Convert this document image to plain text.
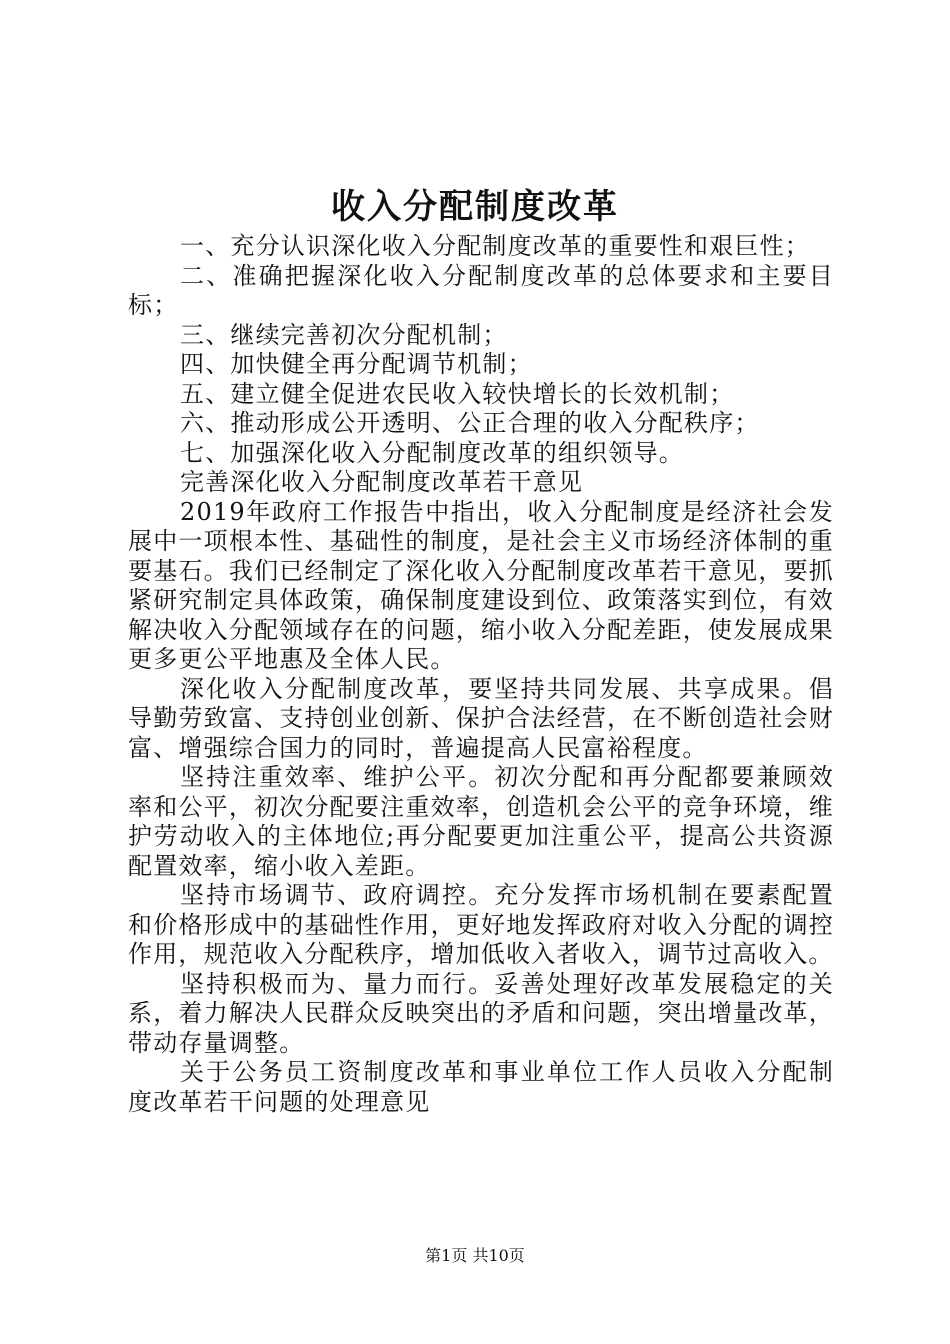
收入分配制度改革

一、充分认识深化收入分配制度改革的重要性和艰巨性；

二、准确把握深化收入分配制度改革的总体要求和主要目标；

三、继续完善初次分配机制；

四、加快健全再分配调节机制；

五、建立健全促进农民收入较快增长的长效机制；

六、推动形成公开透明、公正合理的收入分配秩序；

七、加强深化收入分配制度改革的组织领导。

完善深化收入分配制度改革若干意见

2019年政府工作报告中指出，收入分配制度是经济社会发展中一项根本性、基础性的制度，是社会主义市场经济体制的重要基石。我们已经制定了深化收入分配制度改革若干意见，要抓紧研究制定具体政策，确保制度建设到位、政策落实到位，有效解决收入分配领域存在的问题，缩小收入分配差距，使发展成果更多更公平地惠及全体人民。

深化收入分配制度改革，要坚持共同发展、共享成果。倡导勤劳致富、支持创业创新、保护合法经营，在不断创造社会财富、增强综合国力的同时，普遍提高人民富裕程度。

坚持注重效率、维护公平。初次分配和再分配都要兼顾效率和公平，初次分配要注重效率，创造机会公平的竞争环境，维护劳动收入的主体地位;再分配要更加注重公平，提高公共资源配置效率，缩小收入差距。

坚持市场调节、政府调控。充分发挥市场机制在要素配置和价格形成中的基础性作用，更好地发挥政府对收入分配的调控作用，规范收入分配秩序，增加低收入者收入，调节过高收入。

坚持积极而为、量力而行。妥善处理好改革发展稳定的关系，着力解决人民群众反映突出的矛盾和问题，突出增量改革，带动存量调整。

关于公务员工资制度改革和事业单位工作人员收入分配制度改革若干问题的处理意见

第1页 共10页
